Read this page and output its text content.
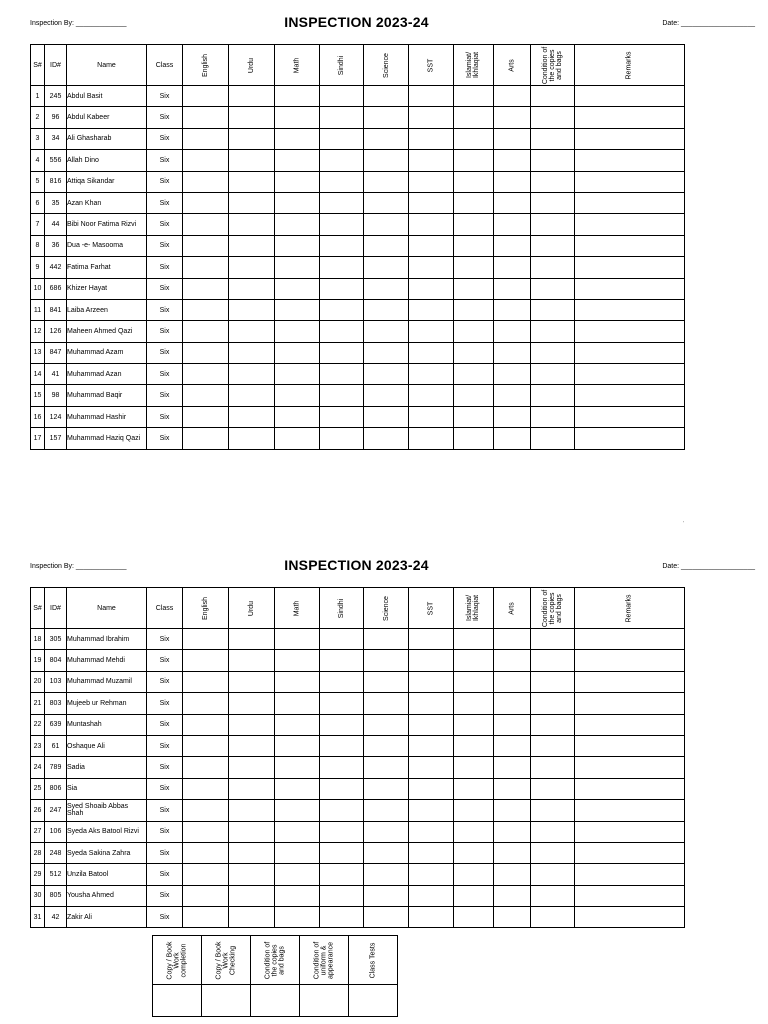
Inspection By: _____________	INSPECTION 2023-24	Date: ___________________
S#	ID#	Name	Class	English	Urdu	Math	Sindhi	Science	SST	Islamiat/
Ikhlaqiat	Arts	Condition of
the copies
and bags	Remarks
1	245	Abdul Basit	Six										
2	96	Abdul Kabeer	Six										
3	34	Ali Ghasharab	Six										
4	556	Allah Dino	Six										
5	816	Attiqa Sikandar	Six										
6	35	Azan Khan	Six										
7	44	Bibi Noor Fatima Rizvi	Six										
8	36	Dua -e- Masooma	Six										
9	442	Fatima Farhat	Six										
10	686	Khizer Hayat	Six										
11	841	Laiba Arzeen	Six										
12	126	Maheen Ahmed Qazi	Six										
13	847	Muhammad Azam	Six										
14	41	Muhammad Azan	Six										
15	98	Muhammad Baqir	Six										
16	124	Muhammad Hashir	Six										
17	157	Muhammad Haziq Qazi	Six										
Inspection By: _____________	INSPECTION 2023-24	Date: ___________________
S#	ID#	Name	Class	English	Urdu	Math	Sindhi	Science	SST	Islamiat/
Ikhlaqiat	Arts	Condition of
the copies
and bags	Remarks
18	305	Muhammad Ibrahim	Six										
19	804	Muhammad Mehdi	Six										
20	103	Muhammad Muzamil	Six										
21	803	Mujeeb ur Rehman	Six										
22	639	Muntashah	Six										
23	61	Oshaque Ali	Six										
24	789	Sadia	Six										
25	806	Sia	Six										
26	247	Syed Shoaib Abbas Shah	Six										
27	106	Syeda Aks Batool Rizvi	Six										
28	248	Syeda Sakina Zahra	Six										
29	512	Unzila Batool	Six										
30	805	Yousha Ahmed	Six										
31	42	Zakir Ali	Six										
Copy / Book
Work
completion	Copy / Book
Work
Checking	Condition of
the copies
and bags	Condition of
uniform &
appearance	Class Tests

˙
